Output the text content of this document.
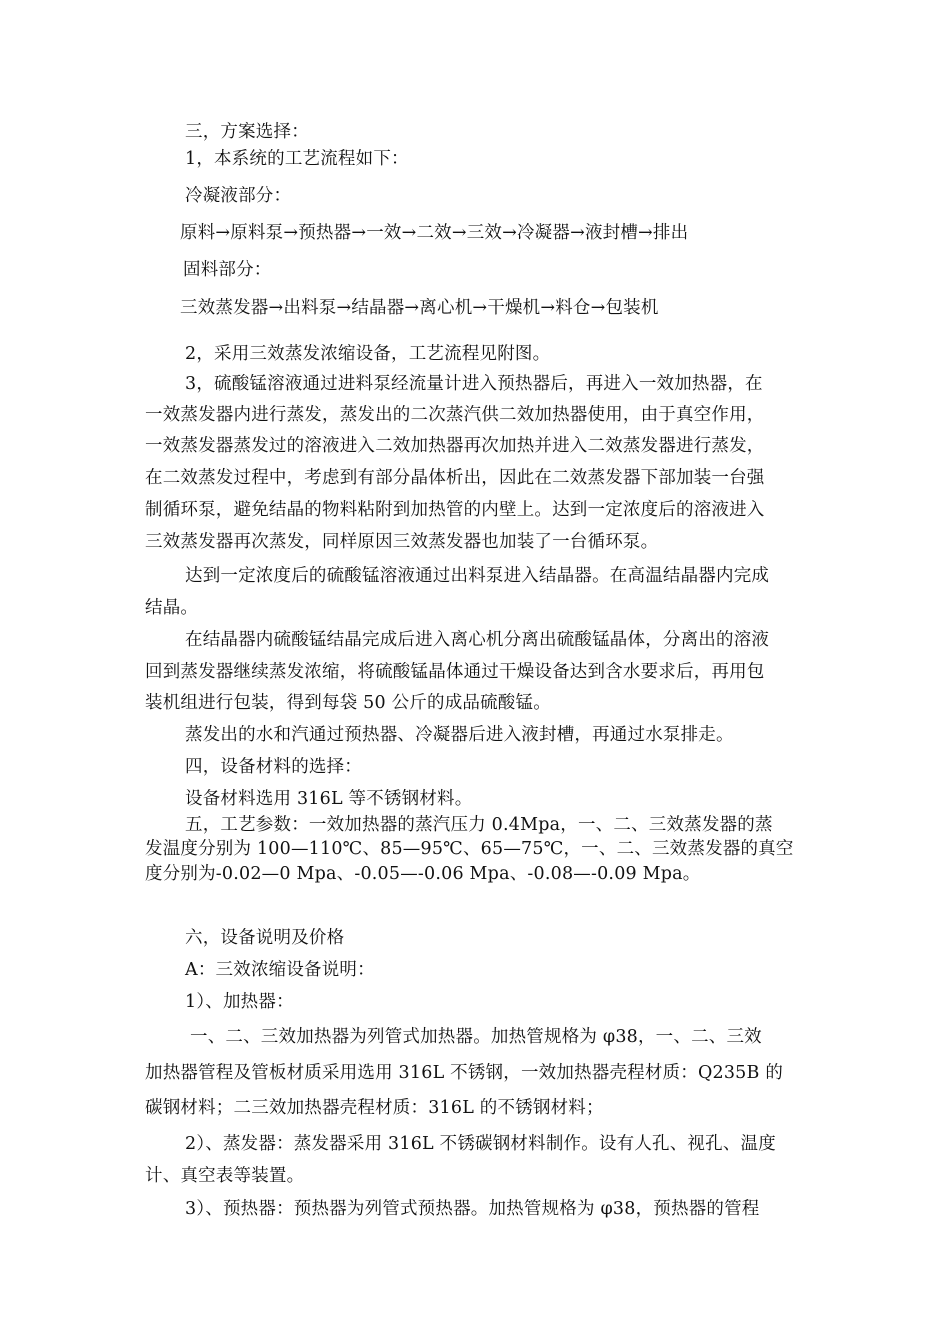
三，方案选择：
1，本系统的工艺流程如下：
冷凝液部分：
原料→原料泵→预热器→一效→二效→三效→冷凝器→液封槽→排出
固料部分：
三效蒸发器→出料泵→结晶器→离心机→干燥机→料仓→包装机
2，采用三效蒸发浓缩设备，工艺流程见附图。
3，硫酸锰溶液通过进料泵经流量计进入预热器后，再进入一效加热器，在
一效蒸发器内进行蒸发，蒸发出的二次蒸汽供二效加热器使用，由于真空作用，
一效蒸发器蒸发过的溶液进入二效加热器再次加热并进入二效蒸发器进行蒸发，
在二效蒸发过程中，考虑到有部分晶体析出，因此在二效蒸发器下部加装一台强
制循环泵，避免结晶的物料粘附到加热管的内壁上。达到一定浓度后的溶液进入
三效蒸发器再次蒸发，同样原因三效蒸发器也加装了一台循环泵。
达到一定浓度后的硫酸锰溶液通过出料泵进入结晶器。在高温结晶器内完成
结晶。
在结晶器内硫酸锰结晶完成后进入离心机分离出硫酸锰晶体，分离出的溶液
回到蒸发器继续蒸发浓缩，将硫酸锰晶体通过干燥设备达到含水要求后，再用包
装机组进行包装，得到每袋 50 公斤的成品硫酸锰。
蒸发出的水和汽通过预热器、冷凝器后进入液封槽，再通过水泵排走。
四，设备材料的选择：
设备材料选用 316L 等不锈钢材料。
五，工艺参数：一效加热器的蒸汽压力 0.4Mpa，一、二、三效蒸发器的蒸
发温度分别为 100—110℃、85—95℃、65—75℃，一、二、三效蒸发器的真空
度分别为-0.02—0 Mpa、-0.05—-0.06 Mpa、-0.08—-0.09 Mpa。
六，设备说明及价格
A：三效浓缩设备说明：
1）、加热器：
一、二、三效加热器为列管式加热器。加热管规格为 φ38，一、二、三效
加热器管程及管板材质采用选用 316L 不锈钢，一效加热器壳程材质：Q235B 的
碳钢材料；二三效加热器壳程材质：316L 的不锈钢材料；
2）、蒸发器：蒸发器采用 316L 不锈碳钢材料制作。设有人孔、视孔、温度
计、真空表等装置。
3）、预热器：预热器为列管式预热器。加热管规格为 φ38，预热器的管程
